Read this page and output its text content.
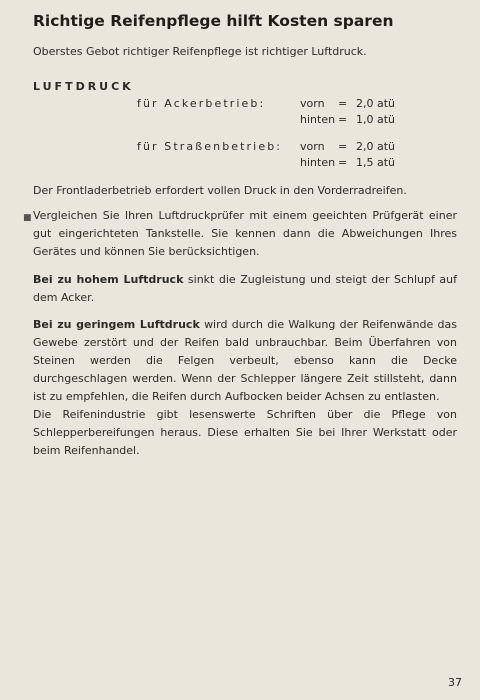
Richtige Reifenpflege hilft Kosten sparen
Oberstes Gebot richtiger Reifenpflege ist richtiger Luftdruck.
LUFTDRUCK
für Ackerbetrieb:	vorn	= 2,0 atü
hinten = 1,0 atü
für Straßenbetrieb: vorn	= 2,0 atü
hinten = 1,5 atü
Der Frontladerbetrieb erfordert vollen Druck in den Vorderradreifen.
■ Vergleichen Sie Ihren Luftdruckprüfer mit einem geeichten Prüfgerät einer gut eingerichteten Tankstelle. Sie kennen dann die Abweichungen Ihres Gerätes und können Sie berücksichtigen.
Bei zu hohem Luftdruck sinkt die Zugleistung und steigt der Schlupf auf dem Acker.
Bei zu geringem Luftdruck wird durch die Walkung der Reifenwände das Gewebe zerstört und der Reifen bald unbrauchbar. Beim Überfahren von Steinen werden die Felgen verbeult, ebenso kann die Decke durchgeschlagen werden. Wenn der Schlepper längere Zeit stillsteht, dann ist zu empfehlen, die Reifen durch Aufbocken beider Achsen zu entlasten.
Die Reifenindustrie gibt lesenswerte Schriften über die Pflege von Schlepperbereifungen heraus. Diese erhalten Sie bei Ihrer Werkstatt oder beim Reifenhandel.
37
